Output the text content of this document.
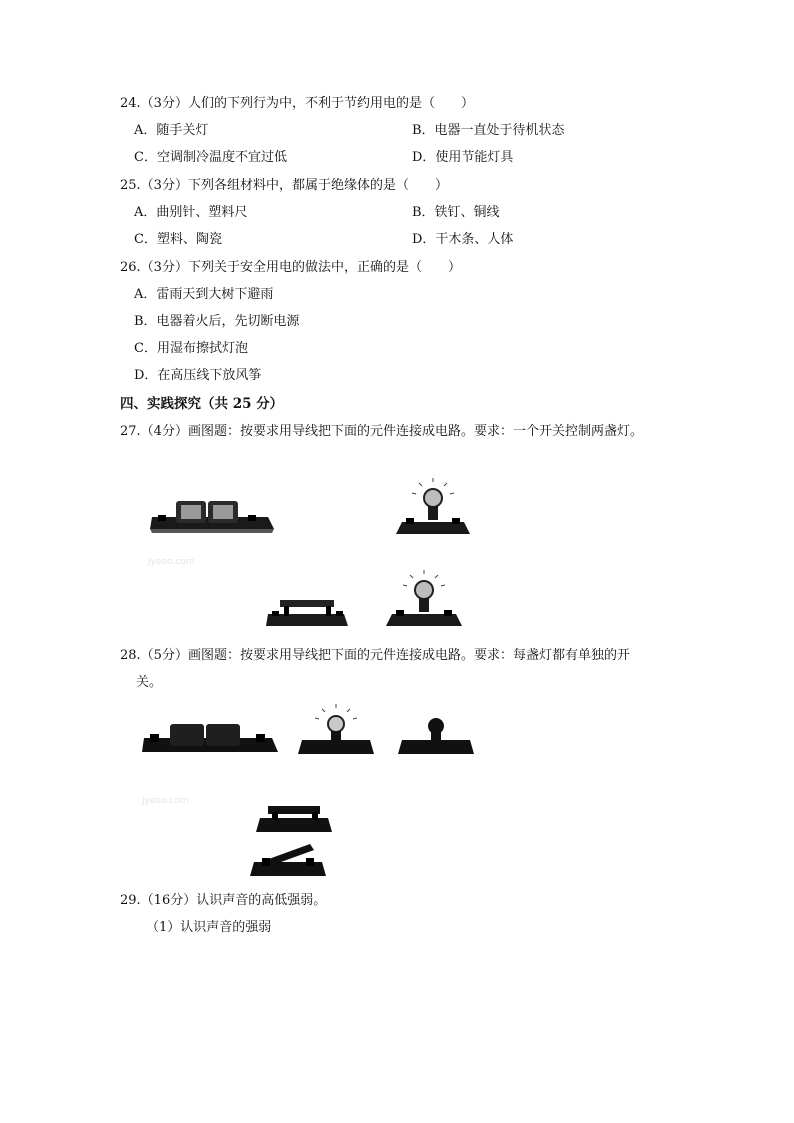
24.（3分）人们的下列行为中，不利于节约用电的是（　　）
A．随手关灯	B．电器一直处于待机状态
C．空调制冷温度不宜过低	D．使用节能灯具
25.（3分）下列各组材料中，都属于绝缘体的是（　　）
A．曲别针、塑料尺	B．铁钉、铜线
C．塑料、陶瓷	D．干木条、人体
26.（3分）下列关于安全用电的做法中，正确的是（　　）
A．雷雨天到大树下避雨
B．电器着火后，先切断电源
C．用湿布擦拭灯泡
D．在高压线下放风筝
四、实践探究（共 25 分）
27.（4分）画图题：按要求用导线把下面的元件连接成电路。要求：一个开关控制两盏灯。
Jyeoo.com
28.（5分）画图题：按要求用导线把下面的元件连接成电路。要求：每盏灯都有单独的开
关。
Jyeoo.com
29.（16分）认识声音的高低强弱。
（1）认识声音的强弱
